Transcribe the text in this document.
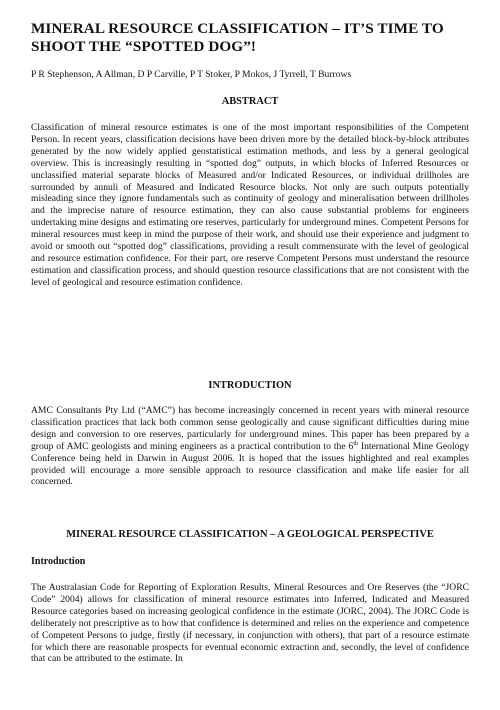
MINERAL RESOURCE CLASSIFICATION – IT’S TIME TO SHOOT THE “SPOTTED DOG”!
P R Stephenson, A Allman, D P Carville, P T Stoker, P Mokos, J Tyrrell, T Burrows
ABSTRACT

Classification of mineral resource estimates is one of the most important responsibilities of the Competent Person. In recent years, classification decisions have been driven more by the detailed block-by-block attributes generated by the now widely applied geostatistical estimation methods, and less by a general geological overview. This is increasingly resulting in “spotted dog” outputs, in which blocks of Inferred Resources or unclassified material separate blocks of Measured and/or Indicated Resources, or individual drillholes are surrounded by annuli of Measured and Indicated Resource blocks. Not only are such outputs potentially misleading since they ignore fundamentals such as continuity of geology and mineralisation between drillholes and the imprecise nature of resource estimation, they can also cause substantial problems for engineers undertaking mine designs and estimating ore reserves, particularly for underground mines. Competent Persons for mineral resources must keep in mind the purpose of their work, and should use their experience and judgment to avoid or smooth out “spotted dog” classifications, providing a result commensurate with the level of geological and resource estimation confidence. For their part, ore reserve Competent Persons must understand the resource estimation and classification process, and should question resource classifications that are not consistent with the level of geological and resource estimation confidence.

INTRODUCTION

AMC Consultants Pty Ltd (“AMC”) has become increasingly concerned in recent years with mineral resource classification practices that lack both common sense geologically and cause significant difficulties during mine design and conversion to ore reserves, particularly for underground mines. This paper has been prepared by a group of AMC geologists and mining engineers as a practical contribution to the 6th International Mine Geology Conference being held in Darwin in August 2006. It is hoped that the issues highlighted and real examples provided will encourage a more sensible approach to resource classification and make life easier for all concerned.

MINERAL RESOURCE CLASSIFICATION – A GEOLOGICAL PERSPECTIVE
Introduction

The Australasian Code for Reporting of Exploration Results, Mineral Resources and Ore Reserves (the “JORC Code” 2004) allows for classification of mineral resource estimates into Inferred, Indicated and Measured Resource categories based on increasing geological confidence in the estimate (JORC, 2004). The JORC Code is deliberately not prescriptive as to how that confidence is determined and relies on the experience and competence of Competent Persons to judge, firstly (if necessary, in conjunction with others), that part of a resource estimate for which there are reasonable prospects for eventual economic extraction and, secondly, the level of confidence that can be attributed to the estimate. In
